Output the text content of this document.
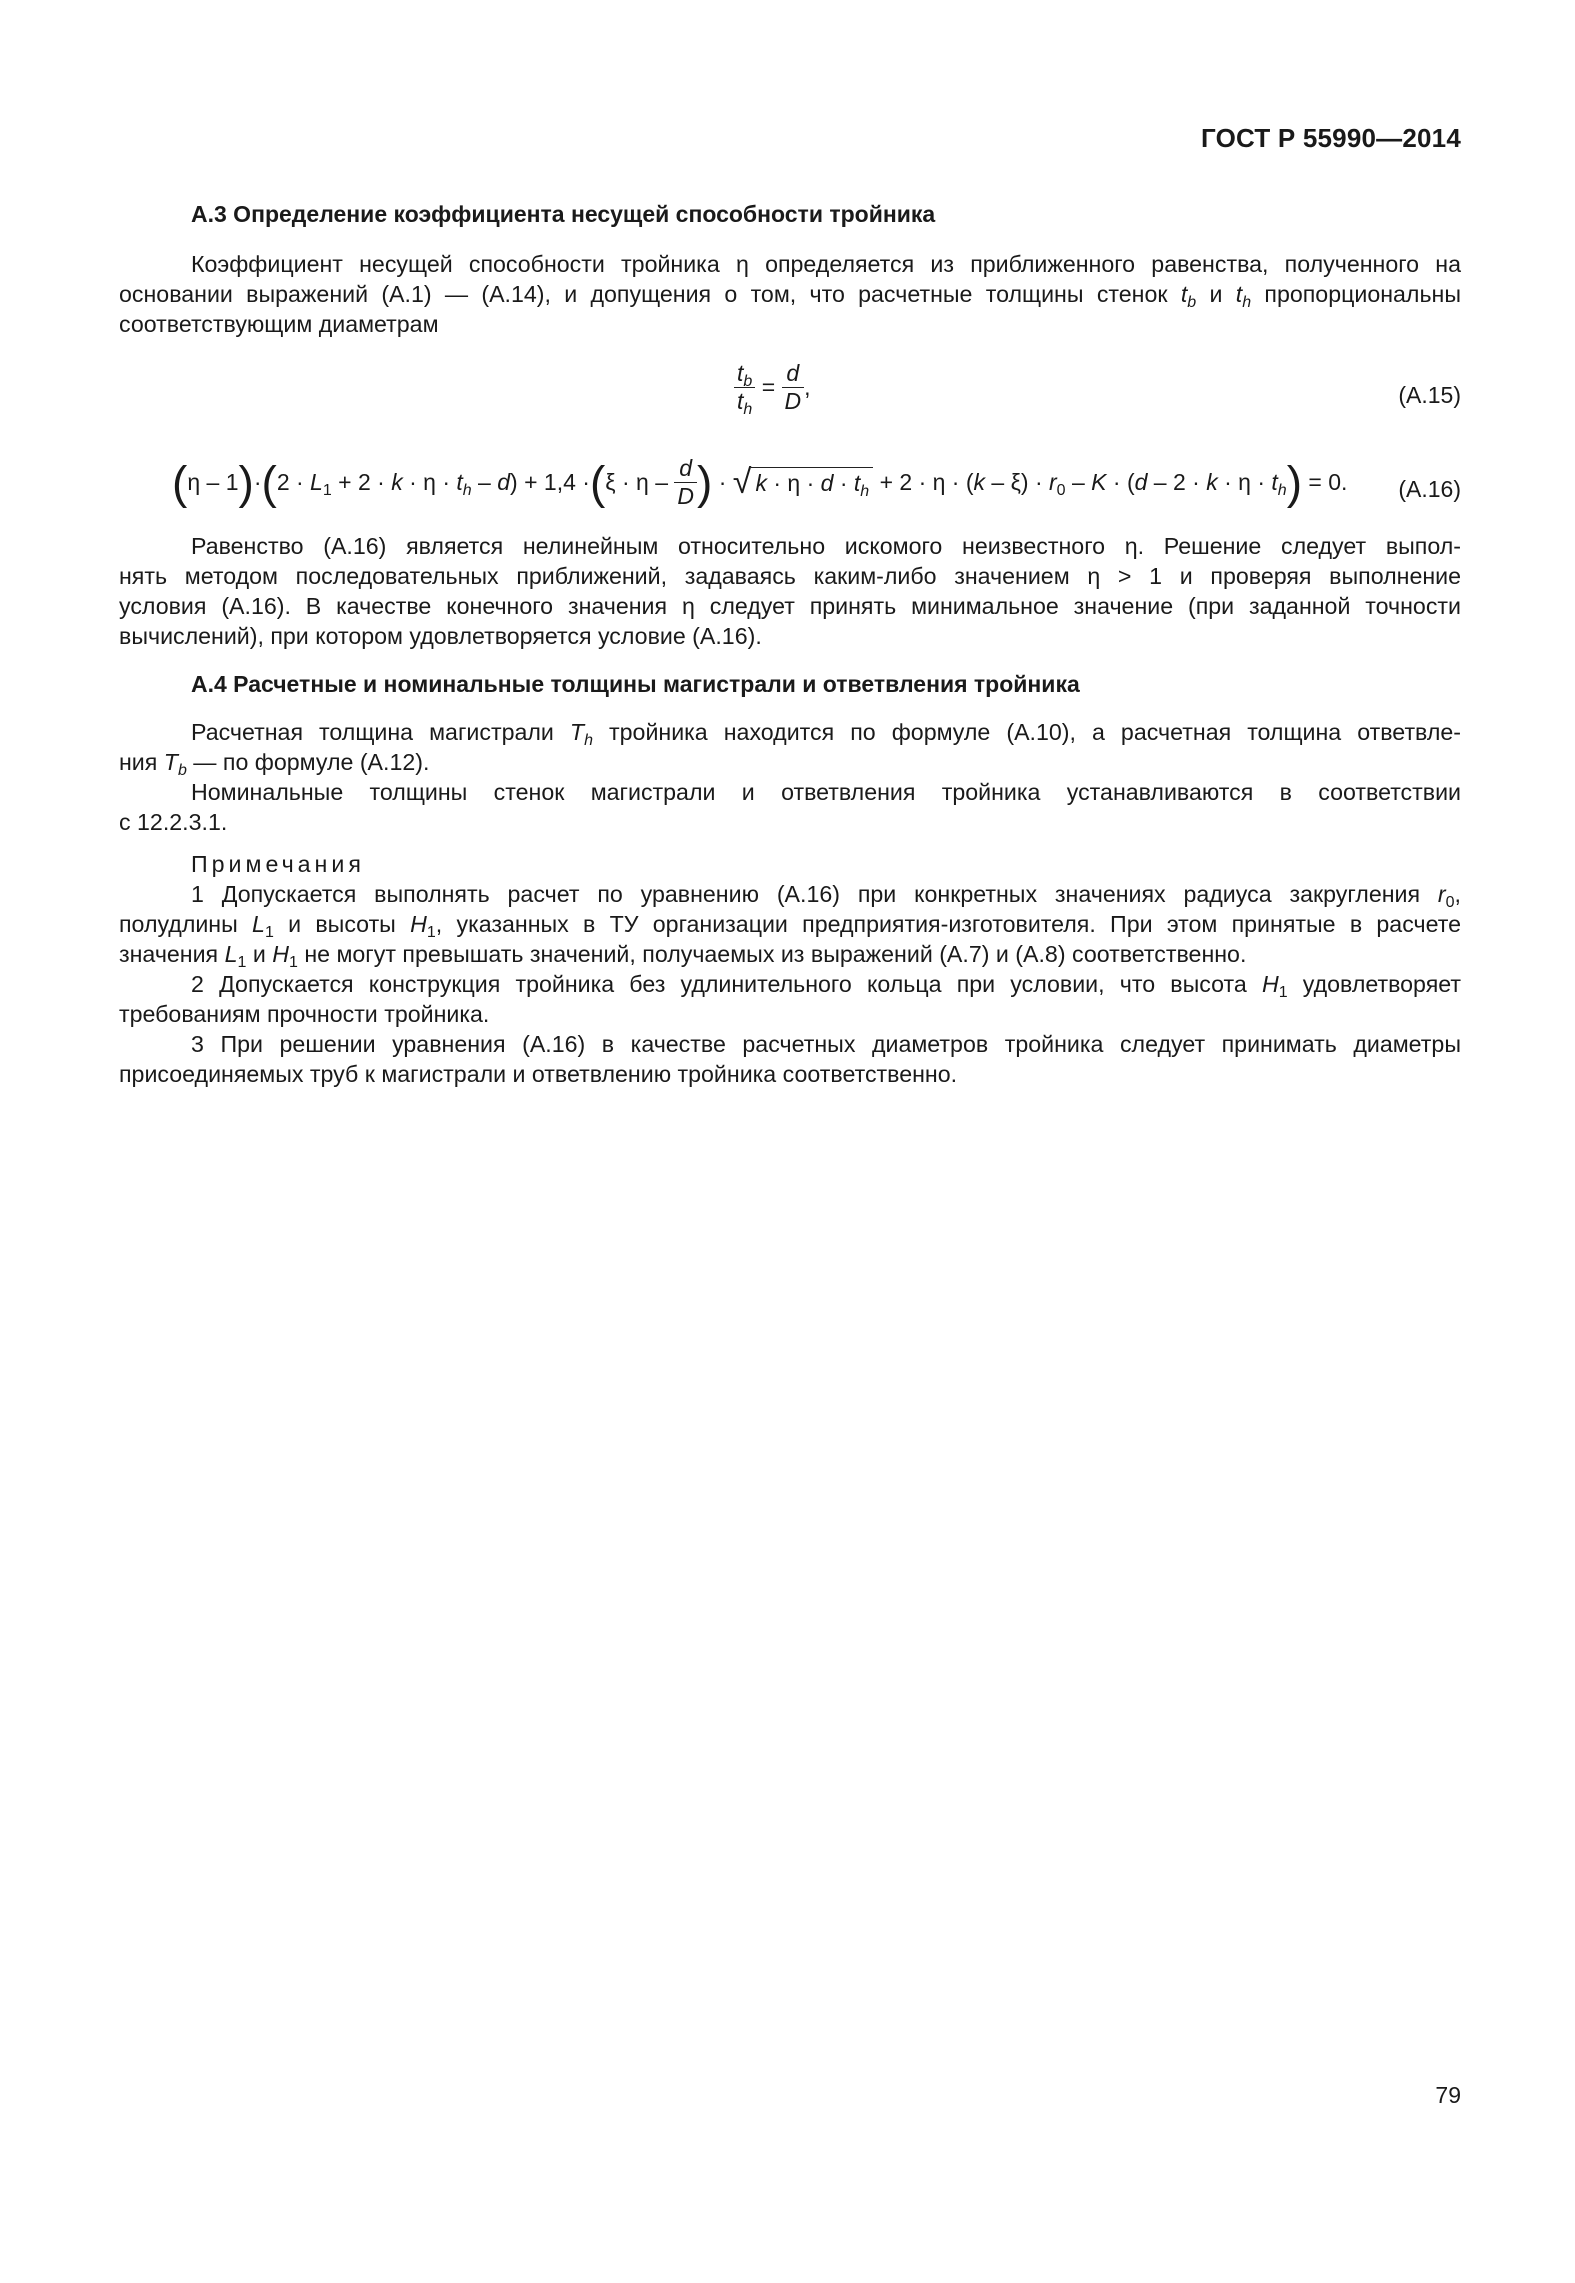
ГОСТ Р 55990—2014
А.3 Определение коэффициента несущей способности тройника
Коэффициент несущей способности тройника η определяется из приближенного равенства, полученного на
основании выражений (А.1) — (А.14), и допущения о том, что расчетные толщины стенок $t_b$ и $t_h$ пропорциональны
соответствующим диаметрам
$\frac{t_b}{t_h} = \frac{d}{D}$ ,	(А.15)
$(\eta - 1)\cdot(2 \cdot L_1 + 2 \cdot k \cdot \eta \cdot t_h - d) + 1,4 \cdot(\xi \cdot \eta - \frac{d}{D}$ ) · √ $k \cdot \eta \cdot d \cdot t_h + 2 \cdot \eta \cdot (k - \xi) \cdot r_0 - K \cdot (d - 2 \cdot k \cdot \eta \cdot t_h) = 0$. (А.16)
Равенство (А.16) является нелинейным относительно искомого неизвестного η. Решение следует выпол-
нять методом последовательных приближений, задаваясь каким-либо значением η > 1 и проверяя выполнение
условия (А.16). В качестве конечного значения η следует принять минимальное значение (при заданной точности
вычислений), при котором удовлетворяется условие (А.16).
А.4 Расчетные и номинальные толщины магистрали и ответвления тройника
Расчетная толщина магистрали $T_h$ тройника находится по формуле (А.10), а расчетная толщина ответвле-
ния $T_b$ — по формуле (А.12).
Номинальные толщины стенок магистрали и ответвления тройника устанавливаются в соответствии
с 12.2.3.1.
Примечания
1 Допускается выполнять расчет по уравнению (А.16) при конкретных значениях радиуса закругления $r_0$,
полудлины $L_1$ и высоты $H_1$, указанных в ТУ организации предприятия-изготовителя. При этом принятые в расчете
значения $L_1$ и $H_1$ не могут превышать значений, получаемых из выражений (А.7) и (А.8) соответственно.
2 Допускается конструкция тройника без удлинительного кольца при условии, что высота $H_1$ удовлетворяет
требованиям прочности тройника.
3 При решении уравнения (А.16) в качестве расчетных диаметров тройника следует принимать диаметры
присоединяемых труб к магистрали и ответвлению тройника соответственно.
79
